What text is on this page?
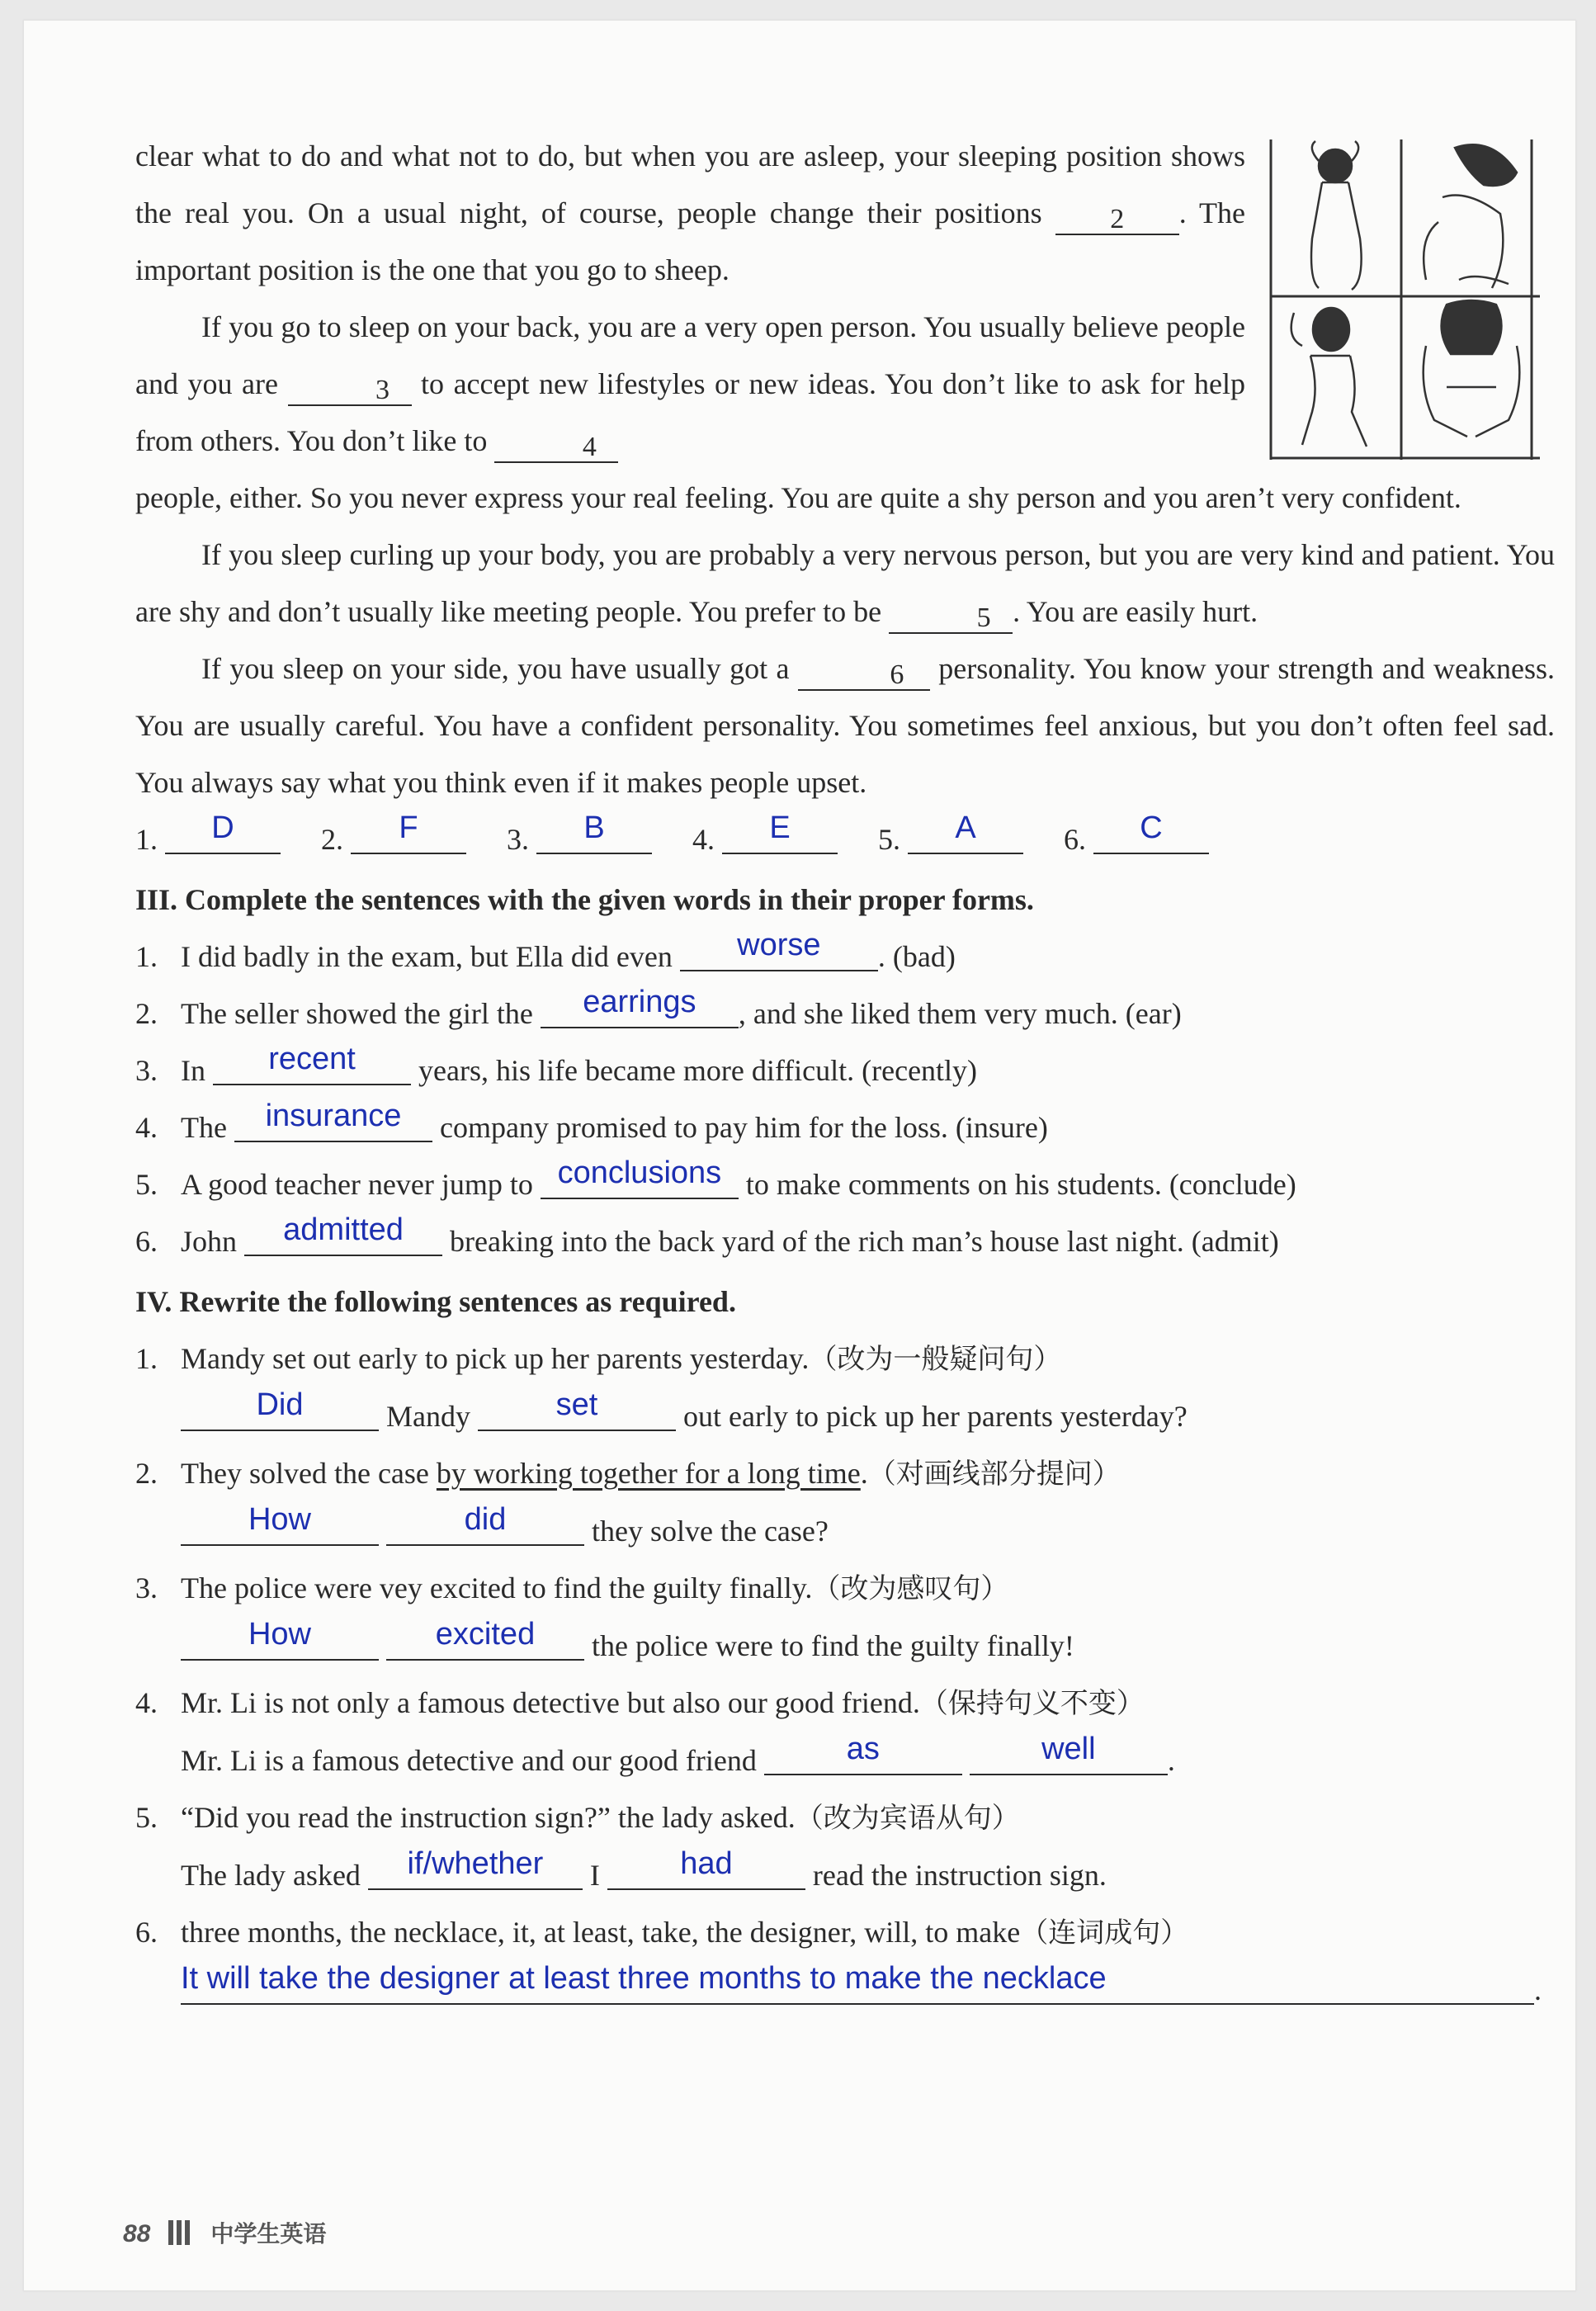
clear what to do and what not to do, but when you are asleep, your sleeping position shows the real you. On a usual night, of course, people change their positions 2 . The important position is the one that you go to sheep.

If you go to sleep on your back, you are a very open person. You usually believe people and you are	3 to accept new lifestyles or new ideas. You don’t like to ask for help from others. You don’t like to	4

people, either. So you never express your real feeling. You are quite a shy person and you aren’t very confident.

If you sleep curling up your body, you are probably a very nervous person, but you are very kind and patient. You are shy and don’t usually like meeting people. You prefer to be	5 . You are easily hurt.

If you sleep on your side, you have usually got a	6 personality. You know your strength and weakness. You are usually careful. You have a confident personality. You sometimes feel anxious, but you don’t often feel sad. You always say what you think even if it makes people upset.

1.	D	2.	F	3.	B	4.	E	5.	A	6.	C
III. Complete the sentences with the given words in their proper forms.
1. I did badly in the exam, but Ella did even	worse	. (bad)
2. The seller showed the girl the	earrings	, and she liked them very much. (ear)
3. In	recent	years, his life became more difficult. (recently)
4. The	insurance	company promised to pay him for the loss. (insure)
5. A good teacher never jump to conclusions to make comments on his students. (conclude)
6. John	admitted	breaking into the back yard of the rich man’s house last night. (admit)
IV. Rewrite the following sentences as required.
1. Mandy set out early to pick up her parents yesterday.（改为一般疑问句）
Did	Mandy	set	out early to pick up her parents yesterday?
2. They solved the case by working together for a long time.（对画线部分提问）
How
	did	they solve the case?
3. The police were vey excited to find the guilty finally.（改为感叹句）
How
	excited	the police were to find the guilty finally!
4. Mr. Li is not only a famous detective but also our good friend.（保持句义不变）
Mr. Li is a famous detective and our good friend	as
	well	.
5. “Did you read the instruction sign?” the lady asked.（改为宾语从句）
The lady asked	if/whether	I	had	read the instruction sign.
6. three months, the necklace, it, at least, take, the designer, will, to make（连词成句）
It will take the designer at least three months to make the necklace	.
88	中学生英语
